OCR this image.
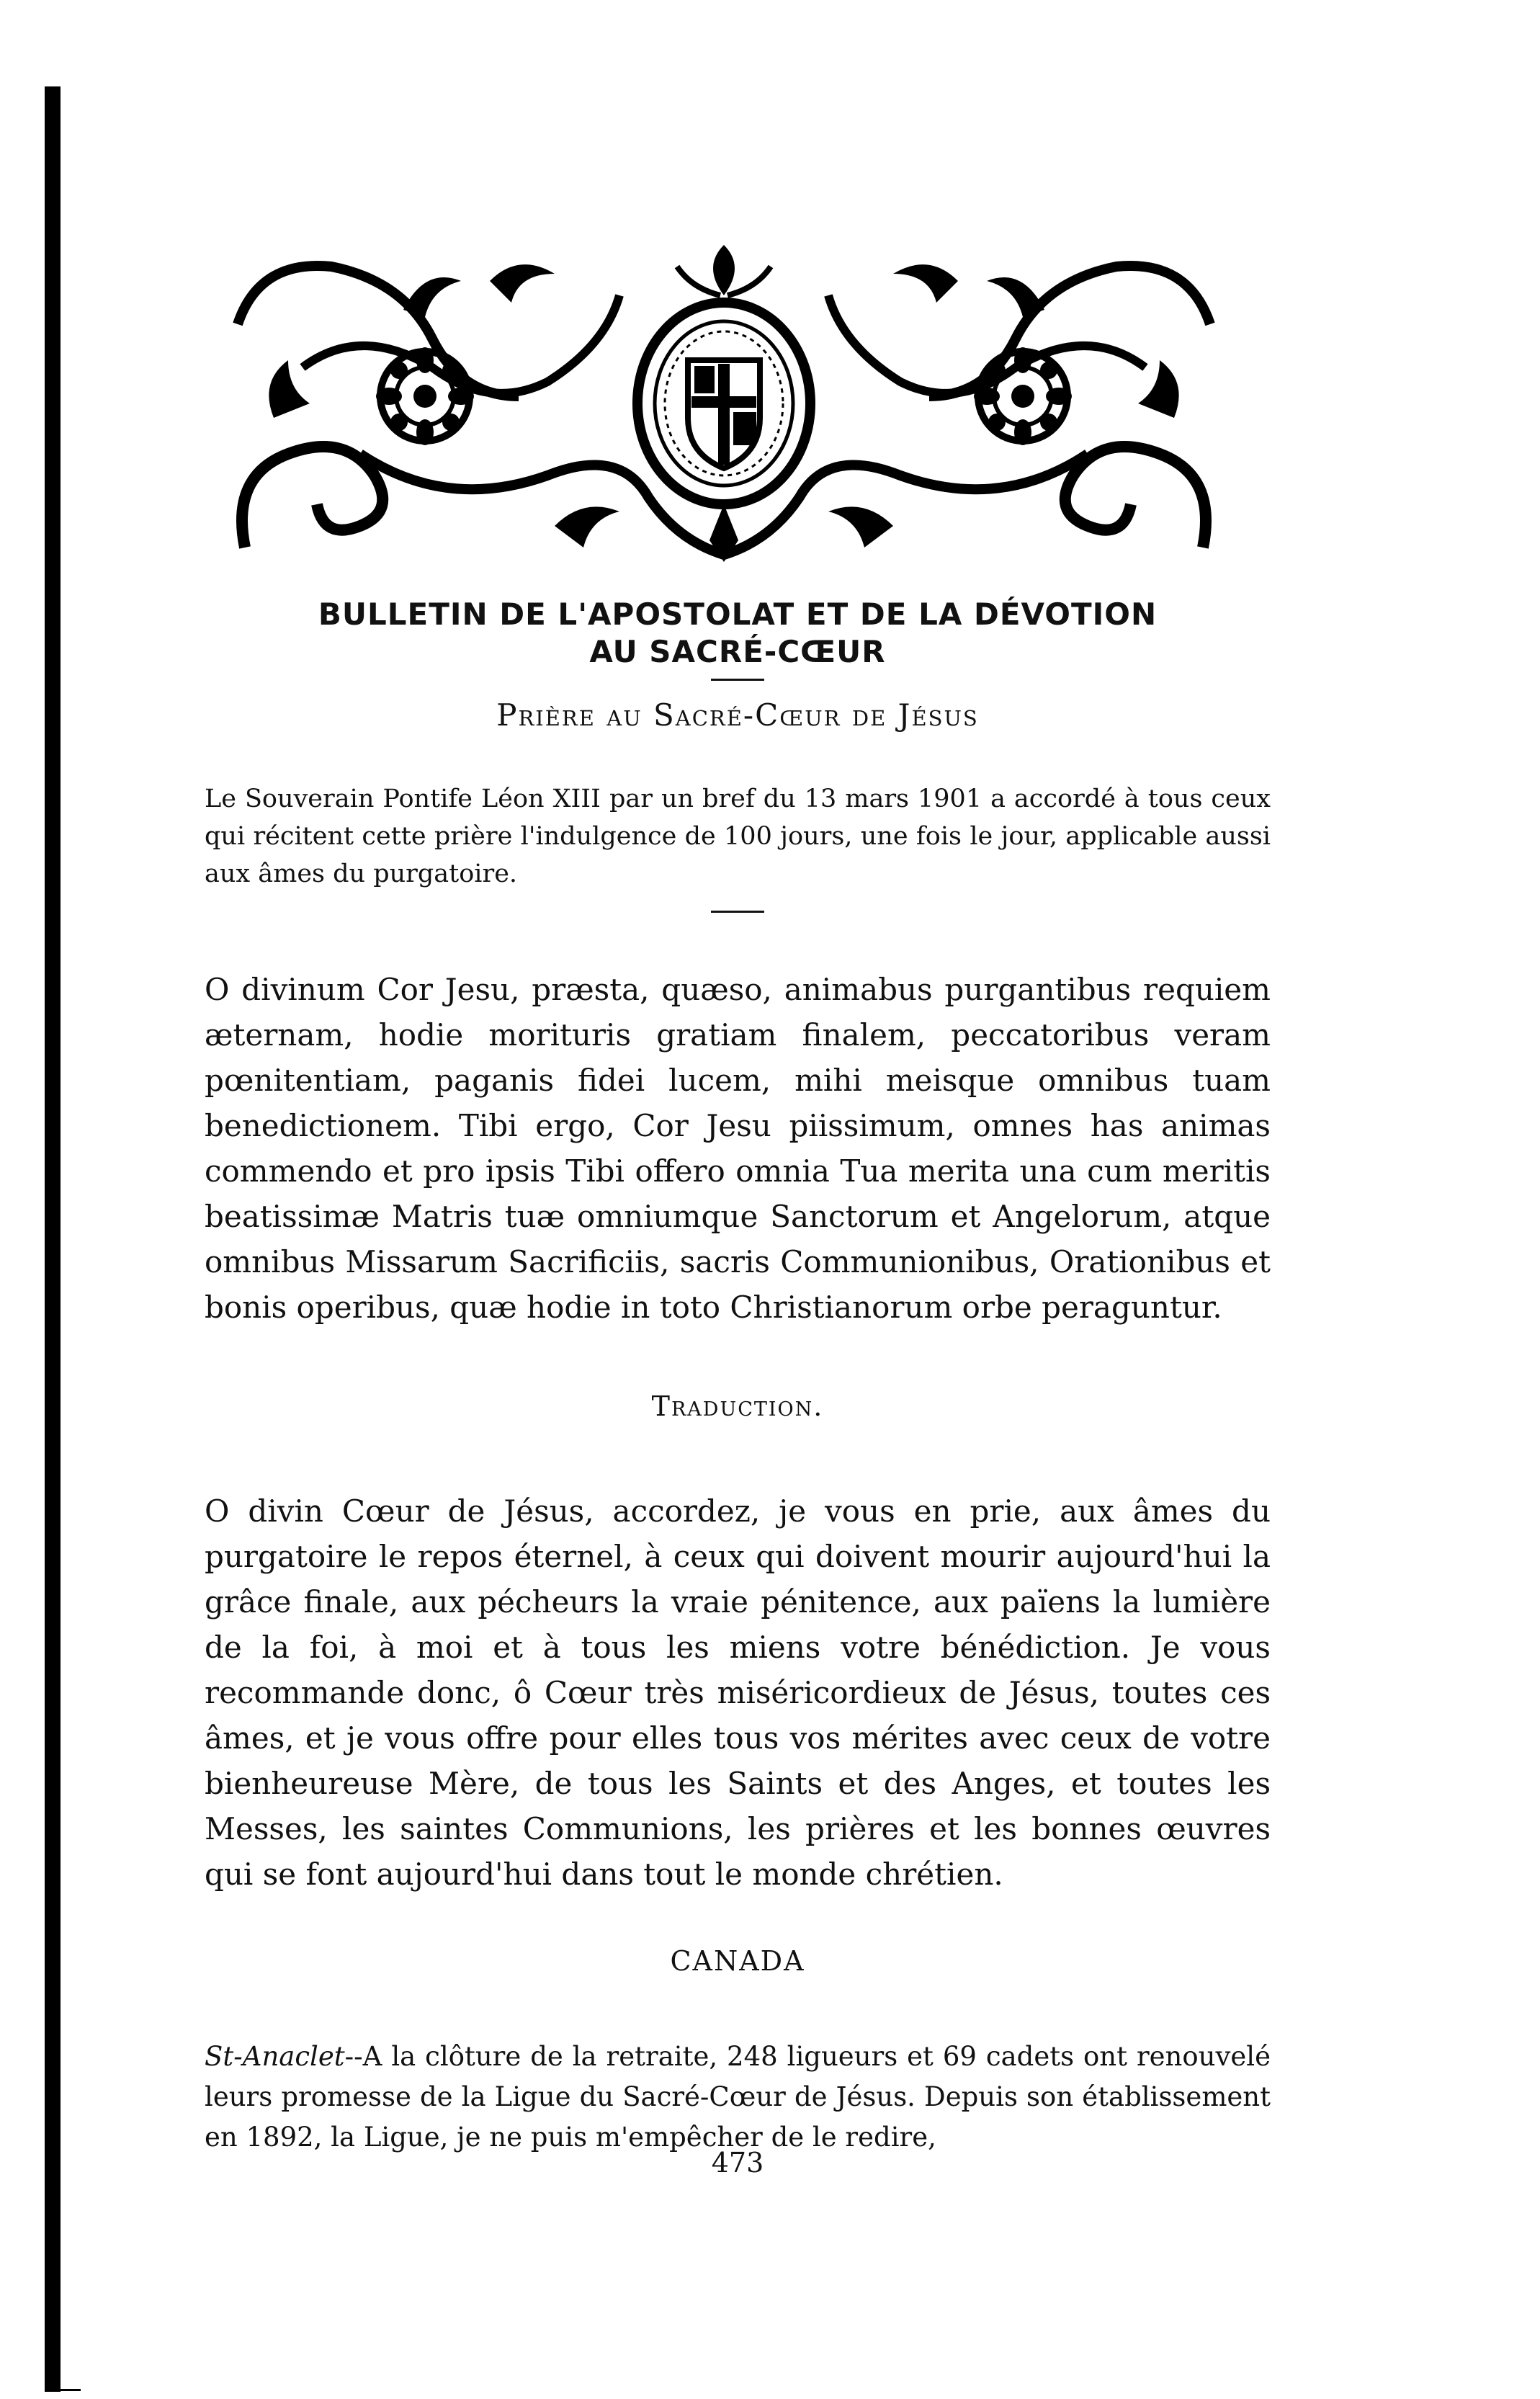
BULLETIN DE L'APOSTOLAT ET DE LA DÉVOTION
AU SACRÉ-CŒUR
Prière au Sacré-Cœur de Jésus

Le Souverain Pontife Léon XIII par un bref du 13 mars 1901 a accordé à tous ceux qui récitent cette prière l'indulgence de 100 jours, une fois le jour, applicable aussi aux âmes du purgatoire.

O divinum Cor Jesu, præsta, quæso, animabus purgantibus requiem æternam, hodie morituris gratiam finalem, peccatoribus veram pœnitentiam, paganis fidei lucem, mihi meisque omnibus tuam benedictionem. Tibi ergo, Cor Jesu piissimum, omnes has animas commendo et pro ipsis Tibi offero omnia Tua merita una cum meritis beatissimæ Matris tuæ omniumque Sanctorum et Angelorum, atque omnibus Missarum Sacrificiis, sacris Communionibus, Orationibus et bonis operibus, quæ hodie in toto Christianorum orbe peraguntur.

Traduction.

O divin Cœur de Jésus, accordez, je vous en prie, aux âmes du purgatoire le repos éternel, à ceux qui doivent mourir aujourd'hui la grâce finale, aux pécheurs la vraie pénitence, aux païens la lumière de la foi, à moi et à tous les miens votre bénédiction. Je vous recommande donc, ô Cœur très miséricordieux de Jésus, toutes ces âmes, et je vous offre pour elles tous vos mérites avec ceux de votre bienheureuse Mère, de tous les Saints et des Anges, et toutes les Messes, les saintes Communions, les prières et les bonnes œuvres qui se font aujourd'hui dans tout le monde chrétien.

CANADA

St-Anaclet--A la clôture de la retraite, 248 ligueurs et 69 cadets ont renouvelé leurs promesse de la Ligue du Sacré-Cœur de Jésus. Depuis son établissement en 1892, la Ligue, je ne puis m'empêcher de le redire,

473
